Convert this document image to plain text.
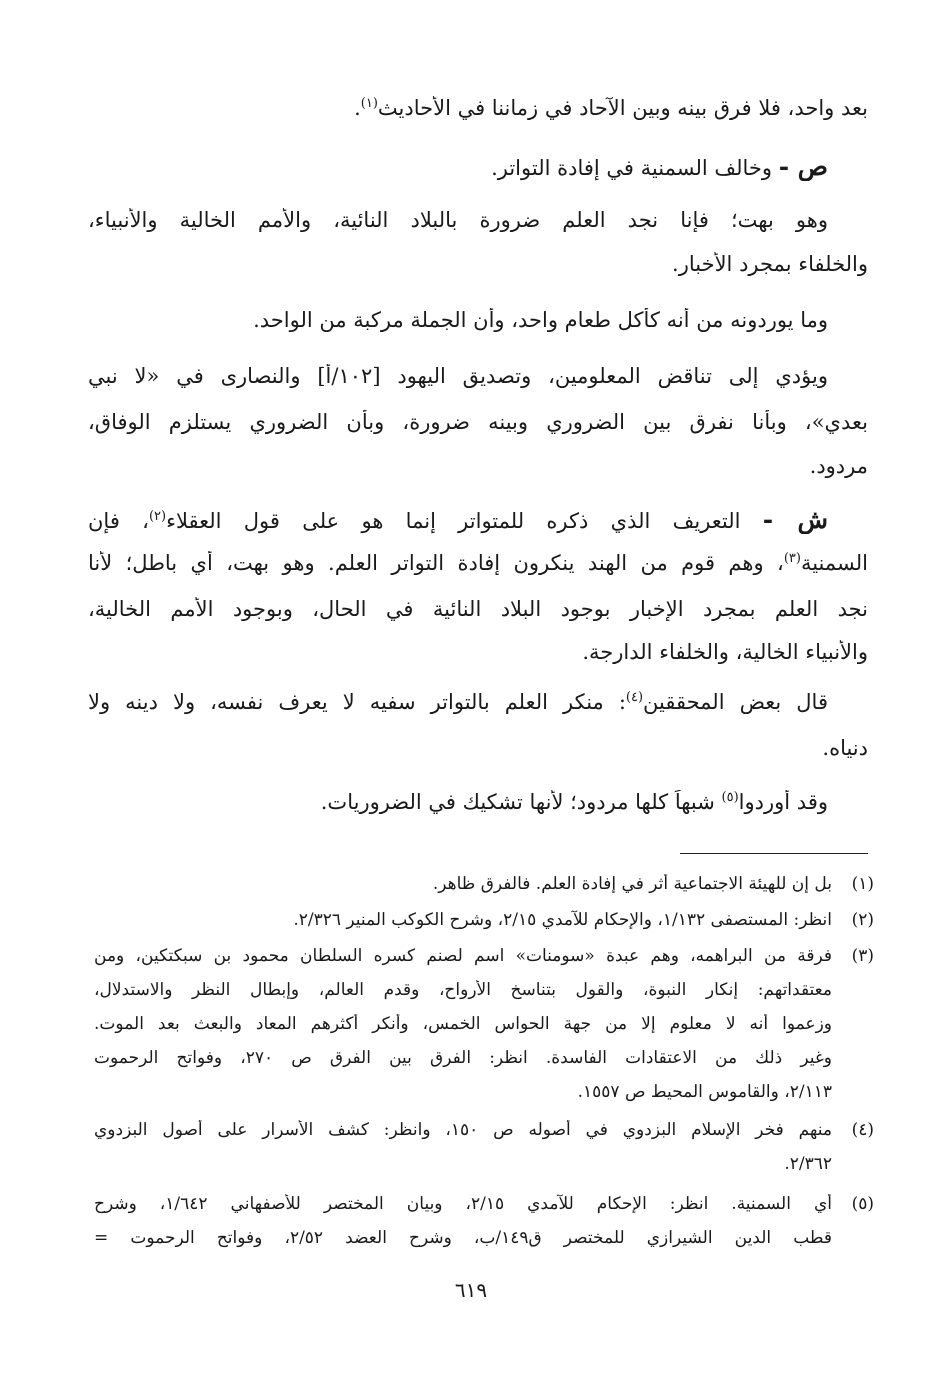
بعد واحد، فلا فرق بينه وبين الآحاد في زماننا في الأحاديث$^{(١)}$.
ص - وخالف السمنية في إفادة التواتر.
وهو بهت؛ فإنا نجد العلم ضرورة بالبلاد النائية، والأمم الخالية والأنبياء،
والخلفاء بمجرد الأخبار.
وما يوردونه من أنه كأكل طعام واحد، وأن الجملة مركبة من الواحد.
ويؤدي إلى تناقض المعلومين، وتصديق اليهود [١٠٢/أ] والنصارى في «لا نبي
بعدي»، وبأنا نفرق بين الضروري وبينه ضرورة، وبأن الضروري يستلزم الوفاق،
مردود.
ش - التعريف الذي ذكره للمتواتر إنما هو على قول العقلاء$^{(٢)}$، فإن
السمنية$^{(٣)}$، وهم قوم من الهند ينكرون إفادة التواتر العلم. وهو بهت، أي باطل؛ لأنا
نجد العلم بمجرد الإخبار بوجود البلاد النائية في الحال، وبوجود الأمم الخالية،
والأنبياء الخالية، والخلفاء الدارجة.
قال بعض المحققين$^{(٤)}$: منكر العلم بالتواتر سفيه لا يعرف نفسه، ولا دينه ولا
دنياه.
وقد أوردوا$^{(٥)}$ شبهاً كلها مردود؛ لأنها تشكيك في الضروريات.
(١)بل إن للهيئة الاجتماعية أثر في إفادة العلم. فالفرق ظاهر.
(٢)انظر: المستصفى ١/١٣٢، والإحكام للآمدي ٢/١٥، وشرح الكوكب المنير ٢/٣٢٦.
(٣)فرقة من البراهمه، وهم عبدة «سومنات» اسم لصنم كسره السلطان محمود بن سبكتكين، ومن
معتقداتهم: إنكار النبوة، والقول بتناسخ الأرواح، وقدم العالم، وإبطال النظر والاستدلال،
وزعموا أنه لا معلوم إلا من جهة الحواس الخمس، وأنكر أكثرهم المعاد والبعث بعد الموت.
وغير ذلك من الاعتقادات الفاسدة. انظر: الفرق بين الفرق ص ٢٧٠، وفواتح الرحموت
٢/١١٣، والقاموس المحيط ص ١٥٥٧.
(٤)منهم فخر الإسلام البزدوي في أصوله ص ١٥٠، وانظر: كشف الأسرار على أصول البزدوي
٢/٣٦٢.
(٥)أي السمنية. انظر: الإحكام للآمدي ٢/١٥، وبيان المختصر للأصفهاني ١/٦٤٢، وشرح
قطب الدين الشيرازي للمختصر ق١٤٩/ب، وشرح العضد ٢/٥٢، وفواتح الرحموت =
٦١٩
